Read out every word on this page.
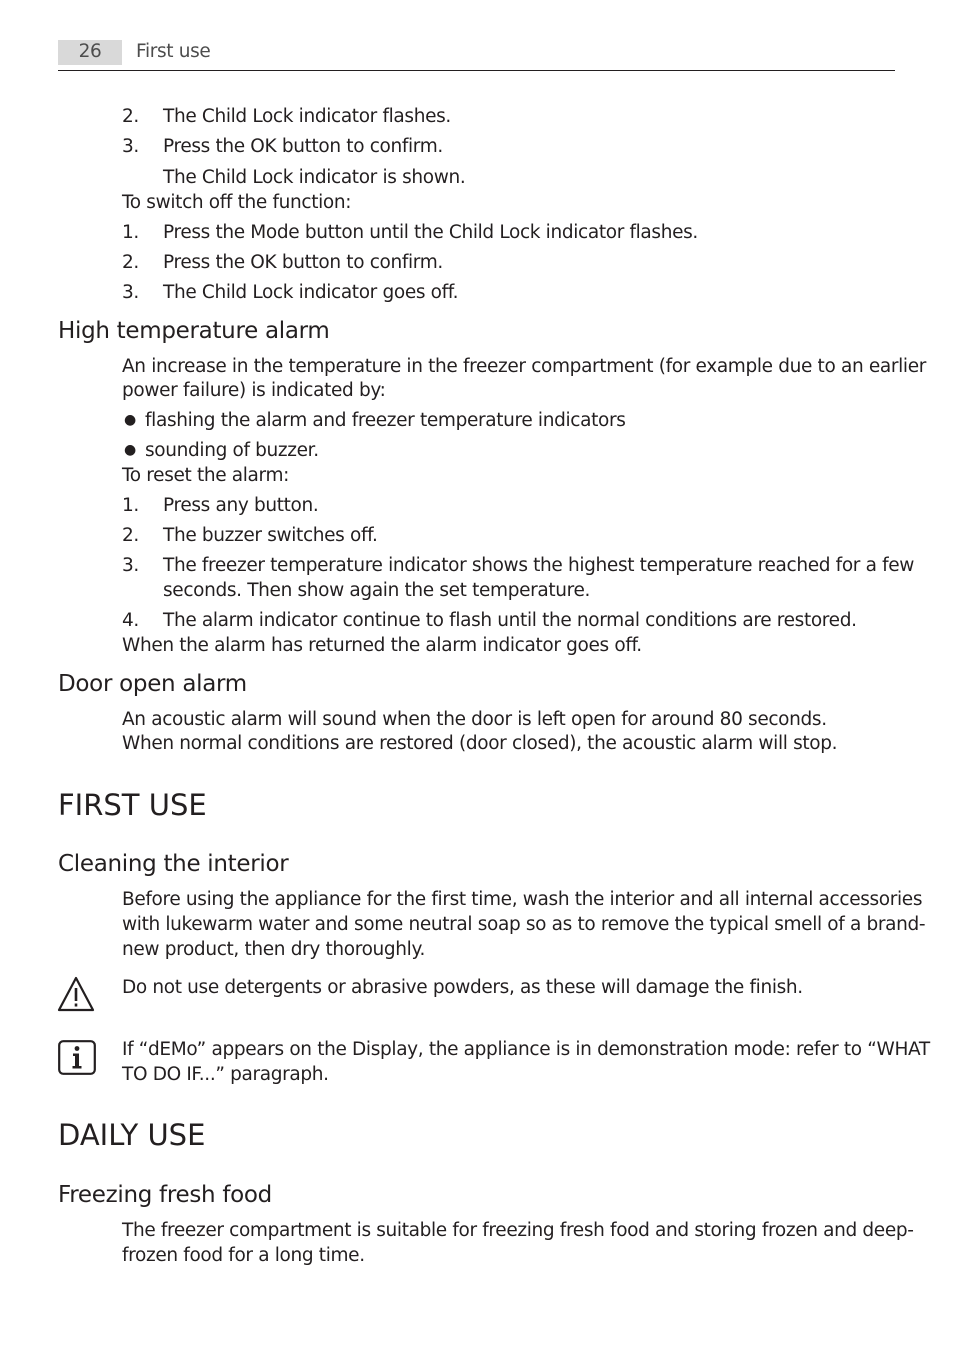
26	First use
2. The Child Lock indicator flashes.
3. Press the OK button to confirm.
The Child Lock indicator is shown.
To switch off the function:
1. Press the Mode button until the Child Lock indicator flashes.
2. Press the OK button to confirm.
3. The Child Lock indicator goes off.
High temperature alarm
An increase in the temperature in the freezer compartment (for example due to an earlier
power failure) is indicated by:
● flashing the alarm and freezer temperature indicators
● sounding of buzzer.
To reset the alarm:
1. Press any button.
2. The buzzer switches off.
3. The freezer temperature indicator shows the highest temperature reached for a few
seconds. Then show again the set temperature.
4. The alarm indicator continue to flash until the normal conditions are restored.
When the alarm has returned the alarm indicator goes off.
Door open alarm
An acoustic alarm will sound when the door is left open for around 80 seconds.
When normal conditions are restored (door closed), the acoustic alarm will stop.
FIRST USE
Cleaning the interior
Before using the appliance for the first time, wash the interior and all internal accessories
with lukewarm water and some neutral soap so as to remove the typical smell of a brand-
new product, then dry thoroughly.
Do not use detergents or abrasive powders, as these will damage the finish.
If “dEMo” appears on the Display, the appliance is in demonstration mode: refer to “WHAT
TO DO IF...” paragraph.
DAILY USE
Freezing fresh food
The freezer compartment is suitable for freezing fresh food and storing frozen and deep-
frozen food for a long time.
